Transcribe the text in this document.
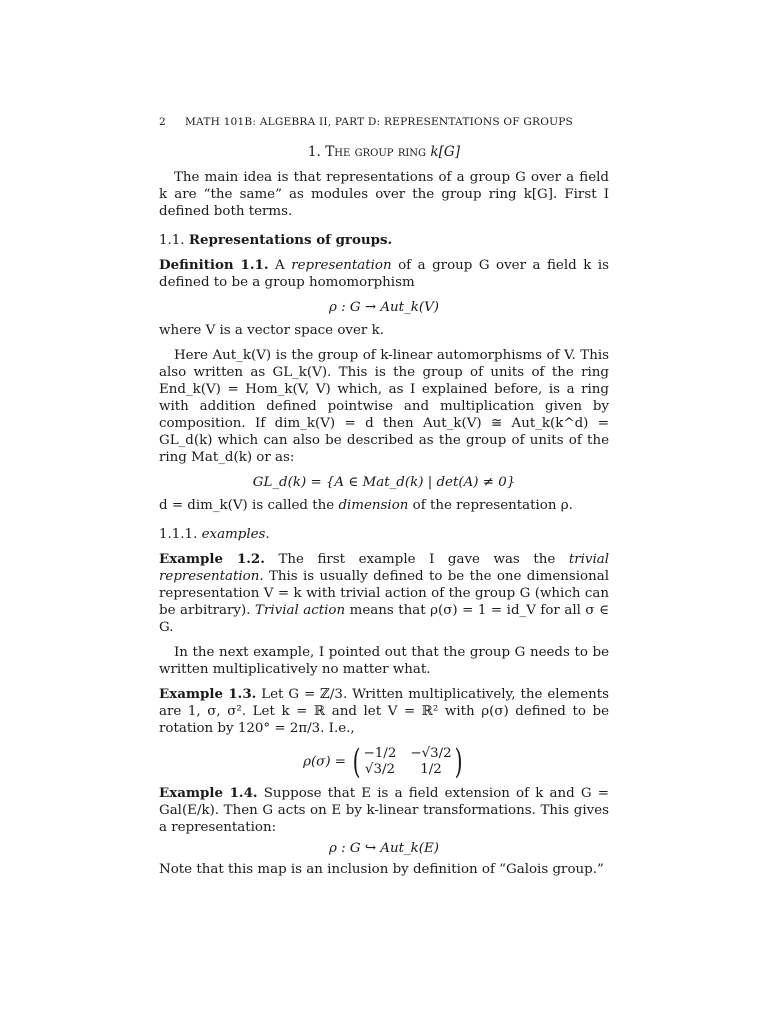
2	MATH 101B: ALGEBRA II, PART D: REPRESENTATIONS OF GROUPS
1. The group ring k[G]

The main idea is that representations of a group G over a field k are “the same” as modules over the group ring k[G]. First I defined both terms.

1.1. Representations of groups.

Definition 1.1. A representation of a group G over a field k is defined to be a group homomorphism

ρ : G → Aut_k(V)

where V is a vector space over k.

Here Aut_k(V) is the group of k-linear automorphisms of V. This also written as GL_k(V). This is the group of units of the ring End_k(V) = Hom_k(V, V) which, as I explained before, is a ring with addition defined pointwise and multiplication given by composition. If dim_k(V) = d then Aut_k(V) ≅ Aut_k(k^d) = GL_d(k) which can also be described as the group of units of the ring Mat_d(k) or as:

GL_d(k) = {A ∈ Mat_d(k) | det(A) ≠ 0}

d = dim_k(V) is called the dimension of the representation ρ.

1.1.1. examples.

Example 1.2. The first example I gave was the trivial representation. This is usually defined to be the one dimensional representation V = k with trivial action of the group G (which can be arbitrary). Trivial action means that ρ(σ) = 1 = id_V for all σ ∈ G.

In the next example, I pointed out that the group G needs to be written multiplicatively no matter what.

Example 1.3. Let G = ℤ/3. Written multiplicatively, the elements are 1, σ, σ². Let k = ℝ and let V = ℝ² with ρ(σ) defined to be rotation by 120° = 2π/3. I.e.,

ρ(σ) = ( −1/2 −√3/2
√3/2	1/2 )

Example 1.4. Suppose that E is a field extension of k and G = Gal(E/k). Then G acts on E by k-linear transformations. This gives a representation:

ρ : G ↪ Aut_k(E)

Note that this map is an inclusion by definition of “Galois group.”
